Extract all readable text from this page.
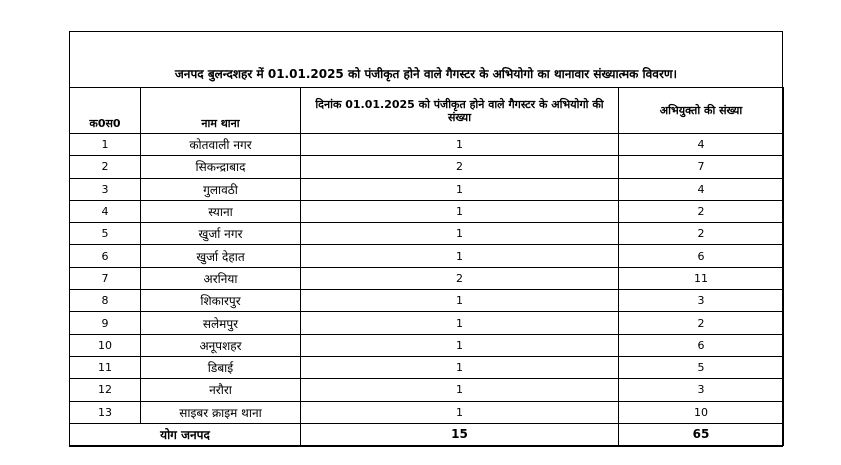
जनपद बुलन्दशहर में 01.01.2025 को पंजीकृत होने वाले गैगस्टर के अभियोगो का थानावार संख्यात्मक विवरण।
क0स0	नाम थाना	दिनांक 01.01.2025 को पंजीकृत होने वाले गैगस्टर के अभियोगो की संख्या	अभियुक्तो की संख्या
1	कोतवाली नगर	1	4
2	सिकन्द्राबाद	2	7
3	गुलावठी	1	4
4	स्याना	1	2
5	खुर्जा नगर	1	2
6	खुर्जा देहात	1	6
7	अरनिया	2	11
8	शिकारपुर	1	3
9	सलेमपुर	1	2
10	अनूपशहर	1	6
11	डिबाई	1	5
12	नरौरा	1	3
13	साइबर क्राइम थाना	1	10
योग जनपद		15	65
